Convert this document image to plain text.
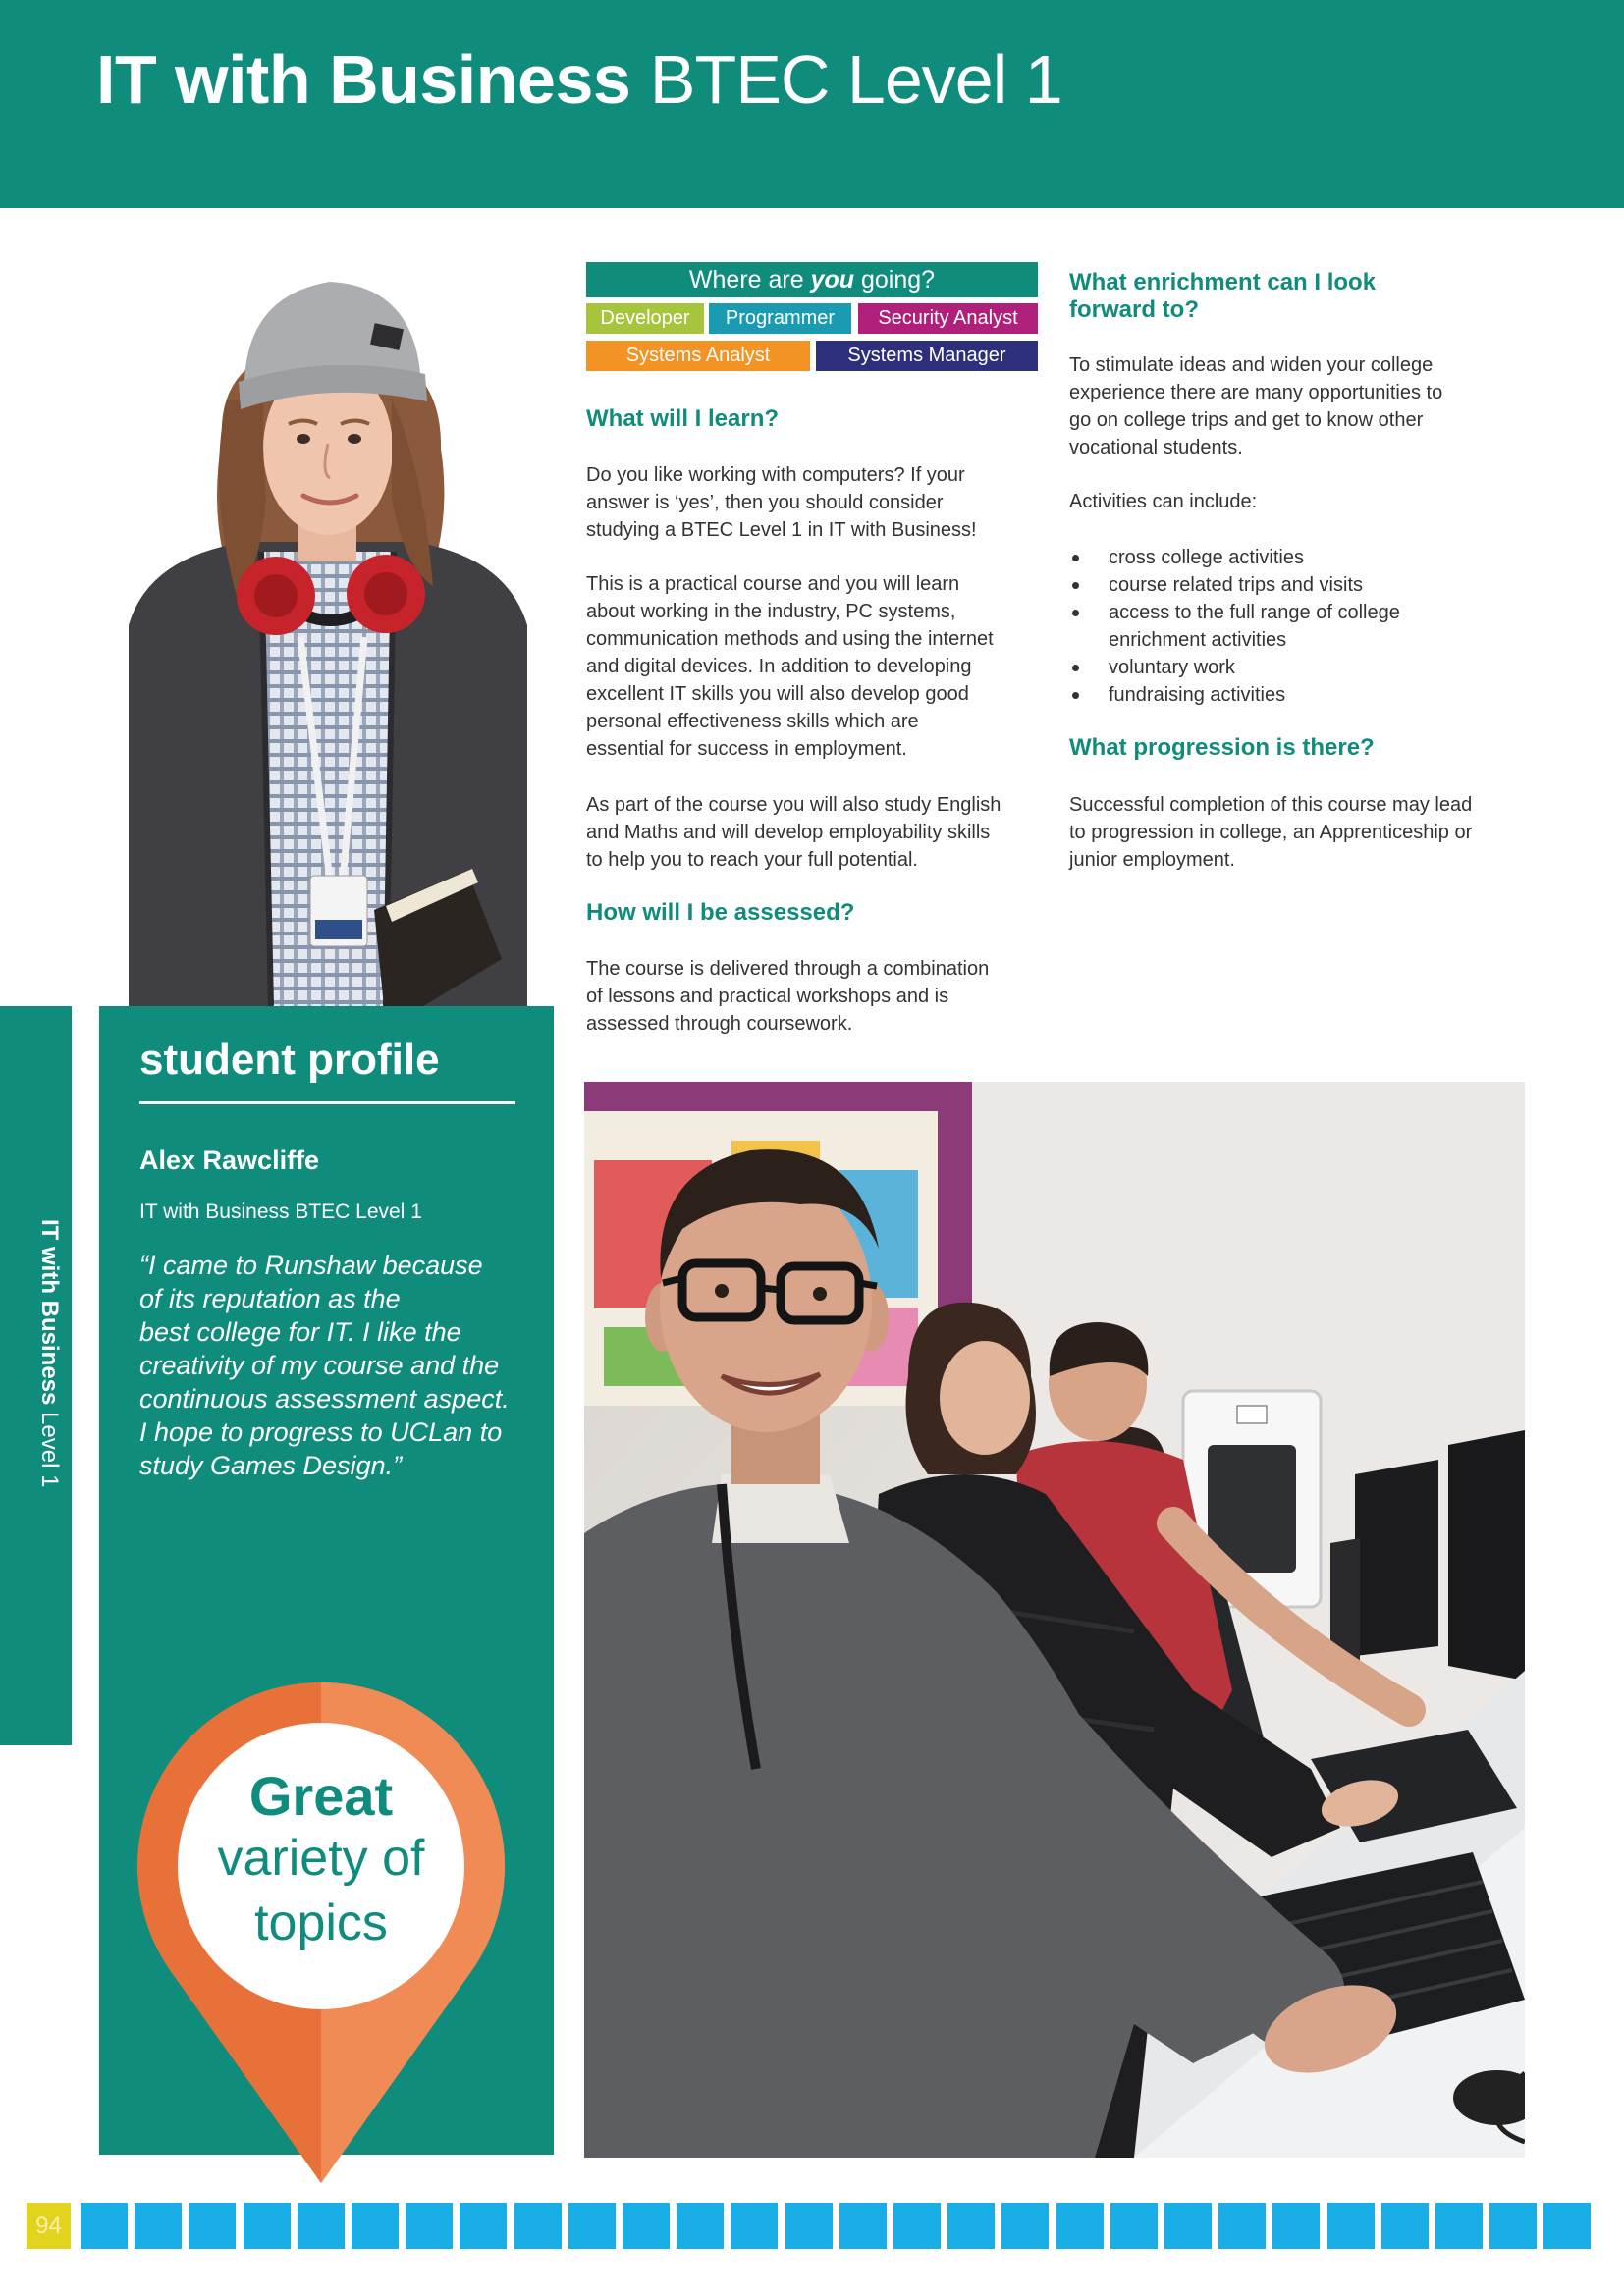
IT with Business BTEC Level 1
IT with Business Level 1
student profile
Alex Rawcliffe
IT with Business BTEC Level 1
“I came to Runshaw because
of its reputation as the
best college for IT. I like the
creativity of my course and the
continuous assessment aspect.
I hope to progress to UCLan to
study Games Design.”
Great
variety of
topics
Where are you going?
Developer	Programmer	Security Analyst
Systems Analyst	Systems Manager
What will I learn?
Do you like working with computers? If your
answer is ‘yes’, then you should consider
studying a BTEC Level 1 in IT with Business!
This is a practical course and you will learn
about working in the industry, PC systems,
communication methods and using the internet
and digital devices. In addition to developing
excellent IT skills you will also develop good
personal effectiveness skills which are
essential for success in employment.
As part of the course you will also study English
and Maths and will develop employability skills
to help you to reach your full potential.
How will I be assessed?
The course is delivered through a combination
of lessons and practical workshops and is
assessed through coursework.
What enrichment can I look
forward to?
To stimulate ideas and widen your college
experience there are many opportunities to
go on college trips and get to know other
vocational students.
Activities can include:
cross college activities
course related trips and visits
access to the full range of college
enrichment activities
voluntary work
fundraising activities
What progression is there?
Successful completion of this course may lead
to progression in college, an Apprenticeship or
junior employment.
94
